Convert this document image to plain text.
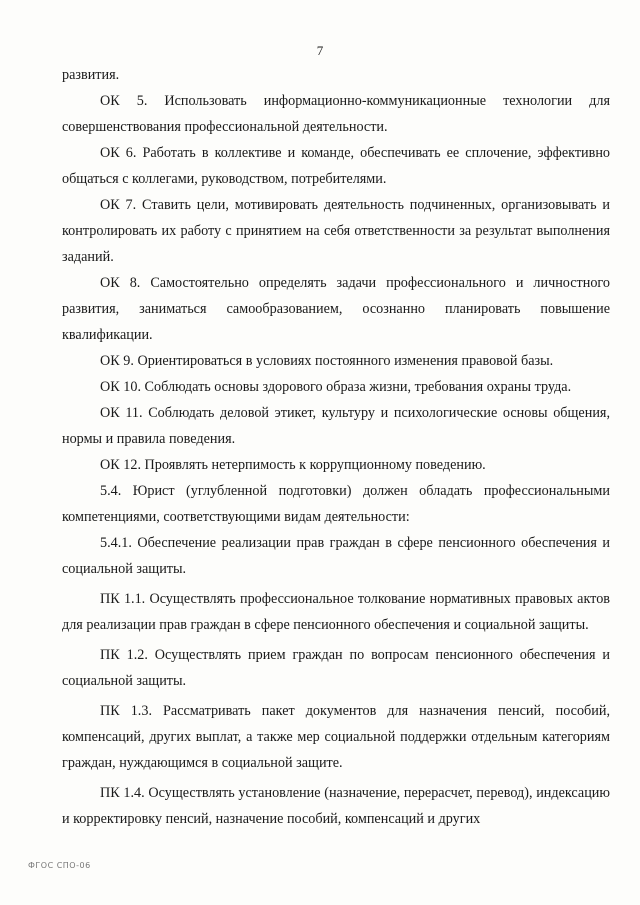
7

развития.

ОК 5. Использовать информационно-коммуникационные технологии для совершенствования профессиональной деятельности.

ОК 6. Работать в коллективе и команде, обеспечивать ее сплочение, эффективно общаться с коллегами, руководством, потребителями.

ОК 7. Ставить цели, мотивировать деятельность подчиненных, организовывать и контролировать их работу с принятием на себя ответственности за результат выполнения заданий.

ОК 8. Самостоятельно определять задачи профессионального и личностного развития, заниматься самообразованием, осознанно планировать повышение квалификации.

ОК 9. Ориентироваться в условиях постоянного изменения правовой базы.

ОК 10. Соблюдать основы здорового образа жизни, требования охраны труда.

ОК 11. Соблюдать деловой этикет, культуру и психологические основы общения, нормы и правила поведения.

ОК 12. Проявлять нетерпимость к коррупционному поведению.

5.4. Юрист (углубленной подготовки) должен обладать профессиональными компетенциями, соответствующими видам деятельности:

5.4.1. Обеспечение реализации прав граждан в сфере пенсионного обеспечения и социальной защиты.

ПК 1.1. Осуществлять профессиональное толкование нормативных правовых актов для реализации прав граждан в сфере пенсионного обеспечения и социальной защиты.

ПК 1.2. Осуществлять прием граждан по вопросам пенсионного обеспечения и социальной защиты.

ПК 1.3. Рассматривать пакет документов для назначения пенсий, пособий, компенсаций, других выплат, а также мер социальной поддержки отдельным категориям граждан, нуждающимся в социальной защите.

ПК 1.4. Осуществлять установление (назначение, перерасчет, перевод), индексацию и корректировку пенсий, назначение пособий, компенсаций и других

ФГОС СПО-06
